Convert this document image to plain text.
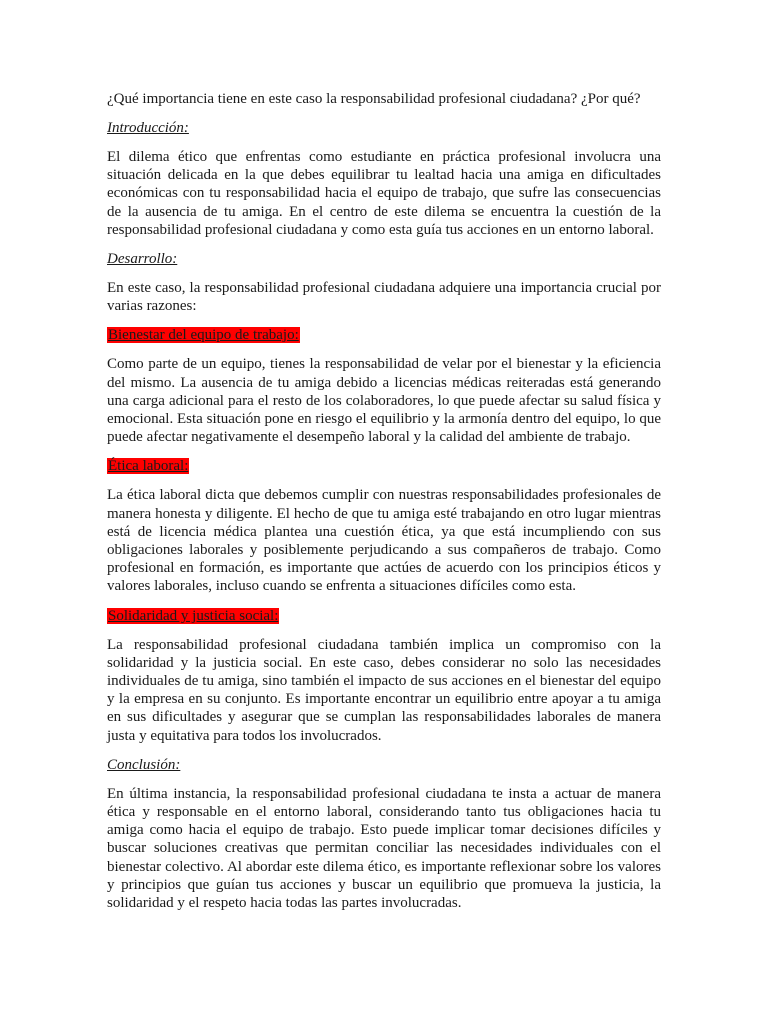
¿Qué importancia tiene en este caso la responsabilidad profesional ciudadana? ¿Por qué?

Introducción:

El dilema ético que enfrentas como estudiante en práctica profesional involucra una situación delicada en la que debes equilibrar tu lealtad hacia una amiga en dificultades económicas con tu responsabilidad hacia el equipo de trabajo, que sufre las consecuencias de la ausencia de tu amiga. En el centro de este dilema se encuentra la cuestión de la responsabilidad profesional ciudadana y como esta guía tus acciones en un entorno laboral.

Desarrollo:

En este caso, la responsabilidad profesional ciudadana adquiere una importancia crucial por varias razones:

Bienestar del equipo de trabajo:

Como parte de un equipo, tienes la responsabilidad de velar por el bienestar y la eficiencia del mismo. La ausencia de tu amiga debido a licencias médicas reiteradas está generando una carga adicional para el resto de los colaboradores, lo que puede afectar su salud física y emocional. Esta situación pone en riesgo el equilibrio y la armonía dentro del equipo, lo que puede afectar negativamente el desempeño laboral y la calidad del ambiente de trabajo.

Ética laboral:

La ética laboral dicta que debemos cumplir con nuestras responsabilidades profesionales de manera honesta y diligente. El hecho de que tu amiga esté trabajando en otro lugar mientras está de licencia médica plantea una cuestión ética, ya que está incumpliendo con sus obligaciones laborales y posiblemente perjudicando a sus compañeros de trabajo. Como profesional en formación, es importante que actúes de acuerdo con los principios éticos y valores laborales, incluso cuando se enfrenta a situaciones difíciles como esta.

Solidaridad y justicia social:

La responsabilidad profesional ciudadana también implica un compromiso con la solidaridad y la justicia social. En este caso, debes considerar no solo las necesidades individuales de tu amiga, sino también el impacto de sus acciones en el bienestar del equipo y la empresa en su conjunto. Es importante encontrar un equilibrio entre apoyar a tu amiga en sus dificultades y asegurar que se cumplan las responsabilidades laborales de manera justa y equitativa para todos los involucrados.

Conclusión:

En última instancia, la responsabilidad profesional ciudadana te insta a actuar de manera ética y responsable en el entorno laboral, considerando tanto tus obligaciones hacia tu amiga como hacia el equipo de trabajo. Esto puede implicar tomar decisiones difíciles y buscar soluciones creativas que permitan conciliar las necesidades individuales con el bienestar colectivo. Al abordar este dilema ético, es importante reflexionar sobre los valores y principios que guían tus acciones y buscar un equilibrio que promueva la justicia, la solidaridad y el respeto hacia todas las partes involucradas.
